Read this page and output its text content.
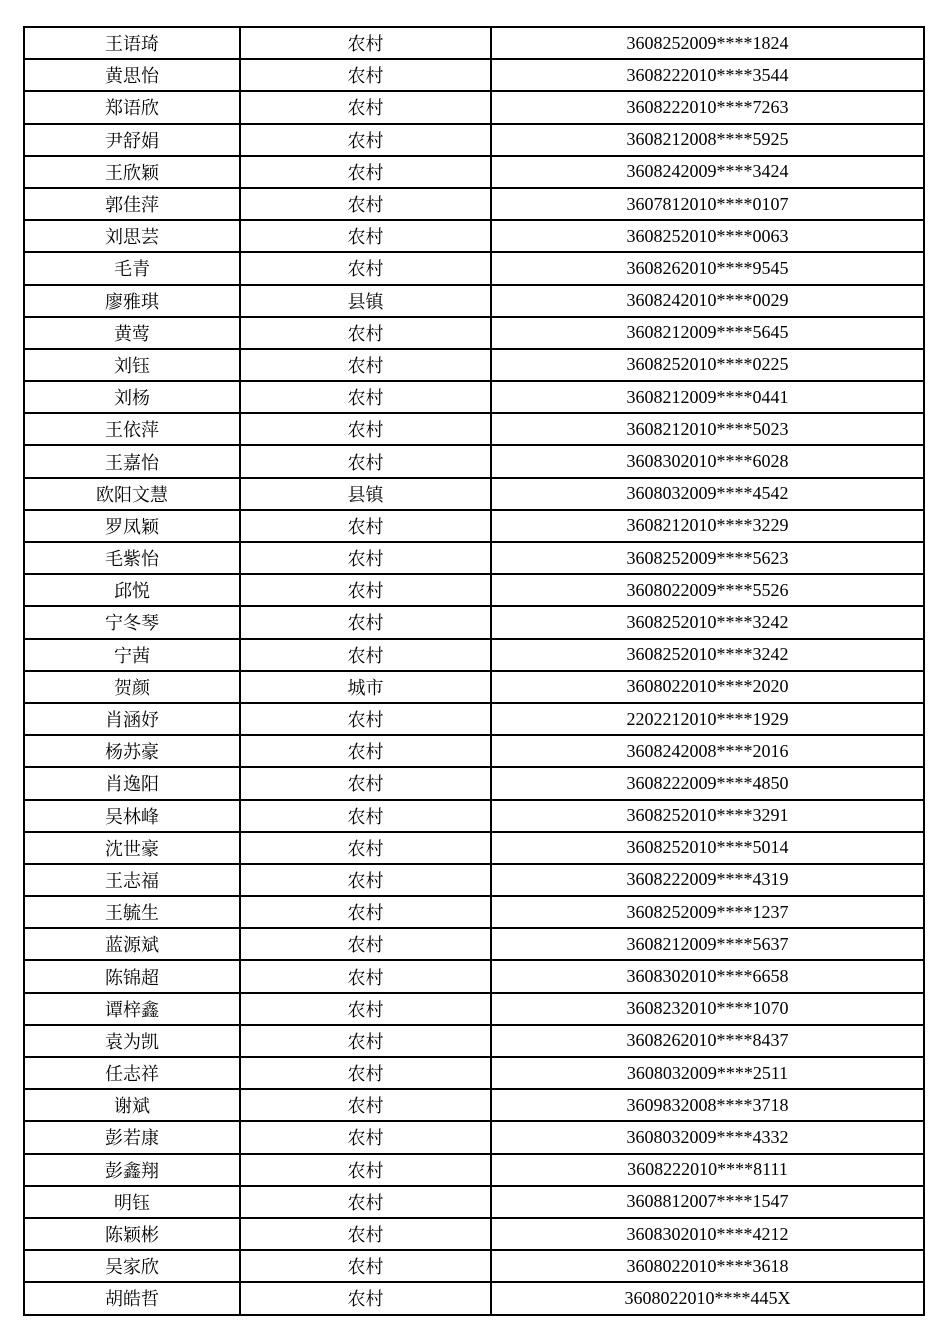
王语琦	农村	3608252009****1824
黄思怡	农村	3608222010****3544
郑语欣	农村	3608222010****7263
尹舒娟	农村	3608212008****5925
王欣颖	农村	3608242009****3424
郭佳萍	农村	3607812010****0107
刘思芸	农村	3608252010****0063
毛青	农村	3608262010****9545
廖雅琪	县镇	3608242010****0029
黄莺	农村	3608212009****5645
刘钰	农村	3608252010****0225
刘杨	农村	3608212009****0441
王依萍	农村	3608212010****5023
王嘉怡	农村	3608302010****6028
欧阳文慧	县镇	3608032009****4542
罗凤颖	农村	3608212010****3229
毛紫怡	农村	3608252009****5623
邱悦	农村	3608022009****5526
宁冬琴	农村	3608252010****3242
宁茜	农村	3608252010****3242
贺颜	城市	3608022010****2020
肖涵妤	农村	2202212010****1929
杨苏豪	农村	3608242008****2016
肖逸阳	农村	3608222009****4850
吴林峰	农村	3608252010****3291
沈世豪	农村	3608252010****5014
王志福	农村	3608222009****4319
王毓生	农村	3608252009****1237
蓝源斌	农村	3608212009****5637
陈锦超	农村	3608302010****6658
谭梓鑫	农村	3608232010****1070
袁为凯	农村	3608262010****8437
任志祥	农村	3608032009****2511
谢斌	农村	3609832008****3718
彭若康	农村	3608032009****4332
彭鑫翔	农村	3608222010****8111
明钰	农村	3608812007****1547
陈颖彬	农村	3608302010****4212
吴家欣	农村	3608022010****3618
胡皓哲	农村	3608022010****445X
